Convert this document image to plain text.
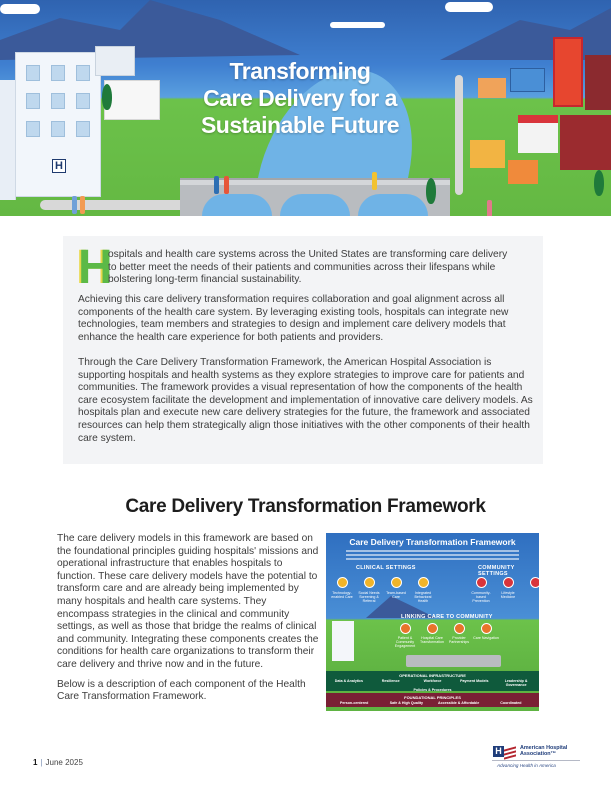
H
Transforming
Care Delivery for a
Sustainable Future
H

ospitals and health care systems across the United States are transforming care delivery
to better meet the needs of their patients and communities across their lifespans while
bolstering long-term financial sustainability.

Achieving this care delivery transformation requires collaboration and goal alignment across all components of the health care system. By leveraging existing tools, hospitals can integrate new technologies, team members and strategies to design and implement care delivery models that enhance the health care experience for both patients and providers.

Through the Care Delivery Transformation Framework, the American Hospital Association is supporting hospitals and health systems as they explore strategies to improve care for patients and communities. The framework provides a visual representation of how the components of the health care ecosystem facilitate the development and implementation of innovative care delivery models. As hospitals plan and execute new care delivery strategies for the future, the framework and associated resources can help them strategically align those initiatives with the other components of their health care system.

Care Delivery Transformation Framework

The care delivery models in this framework are based on the foundational principles guiding hospitals' missions and operational infrastructure that enables hospitals to function. These care delivery models have the potential to transform care and are already being implemented by many hospitals and health care systems. They encompass strategies in the clinical and community settings, as well as those that bridge the realms of clinical and community. Integrating these components creates the conditions for health care organizations to transform their care delivery and thrive now and in the future.

Below is a description of each component of the Health Care Transformation Framework.

Care Delivery Transformation Framework
CLINICAL SETTINGS	COMMUNITY SETTINGS
Technology-enabled Care
Social Needs Screening & Referral
Team-based Care
Integrated Behavioral Health
Community-based Prevention
Lifestyle Medicine
LINKING CARE TO COMMUNITY
Patient & Community Engagement
Hospital Care Transformation
Provider Partnerships
Care Navigation
OPERATIONAL INFRASTRUCTURE
Data & Analytics	Resilience	Workforce	Payment Models	Leadership & Governance
Policies & Procedures
FOUNDATIONAL PRINCIPLES
Person-centered	Safe & High Quality	Accessible & Affordable	Coordinated
1 | June 2025
H	American Hospital
Association™
Advancing Health in America
